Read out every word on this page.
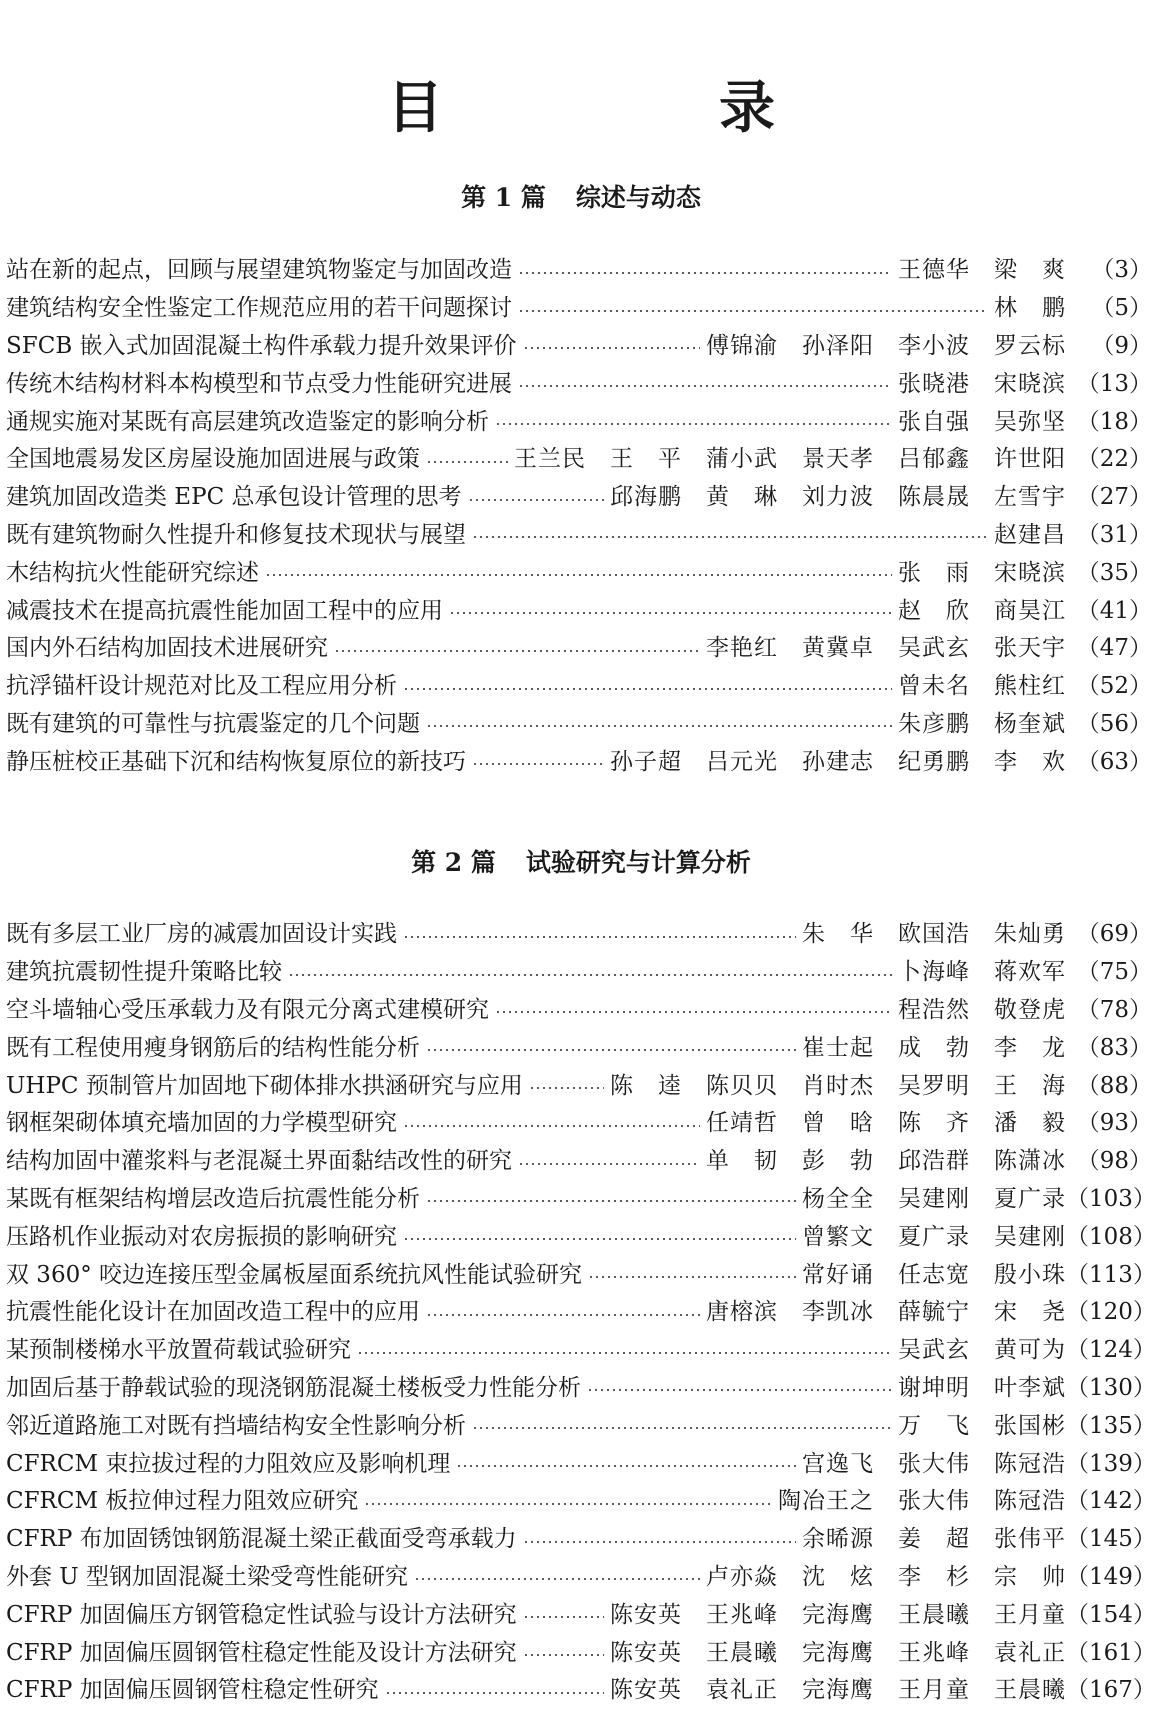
目　录
第 1 篇 综述与动态
站在新的起点，回顾与展望建筑物鉴定与加固改造	王德华　梁　爽	（3）
建筑结构安全性鉴定工作规范应用的若干问题探讨	林　鹏	（5）
SFCB 嵌入式加固混凝土构件承载力提升效果评价	傅锦渝　孙泽阳　李小波　罗云标	（9）
传统木结构材料本构模型和节点受力性能研究进展	张晓港　宋晓滨 （13）
通规实施对某既有高层建筑改造鉴定的影响分析	张自强　吴弥坚 （18）
全国地震易发区房屋设施加固进展与政策	王兰民　王　平　蒲小武　景天孝　吕郁鑫　许世阳 （22）
建筑加固改造类 EPC 总承包设计管理的思考	邱海鹏　黄　琳　刘力波　陈晨晟　左雪宇 （27）
既有建筑物耐久性提升和修复技术现状与展望	赵建昌 （31）
木结构抗火性能研究综述	张　雨　宋晓滨 （35）
减震技术在提高抗震性能加固工程中的应用	赵　欣　商昊江 （41）
国内外石结构加固技术进展研究	李艳红　黄冀卓　吴武玄　张天宇 （47）
抗浮锚杆设计规范对比及工程应用分析	曾未名　熊柱红 （52）
既有建筑的可靠性与抗震鉴定的几个问题	朱彦鹏　杨奎斌 （56）
静压桩校正基础下沉和结构恢复原位的新技巧	孙子超　吕元光　孙建志　纪勇鹏　李　欢 （63）
第 2 篇 试验研究与计算分析
既有多层工业厂房的减震加固设计实践	朱　华　欧国浩　朱灿勇 （69）
建筑抗震韧性提升策略比较	卜海峰　蒋欢军 （75）
空斗墙轴心受压承载力及有限元分离式建模研究	程浩然　敬登虎 （78）
既有工程使用瘦身钢筋后的结构性能分析	崔士起　成　勃　李　龙 （83）
UHPC 预制管片加固地下砌体排水拱涵研究与应用	陈　逵　陈贝贝　肖时杰　吴罗明　王　海 （88）
钢框架砌体填充墙加固的力学模型研究	任靖哲　曾　晗　陈　齐　潘　毅 （93）
结构加固中灌浆料与老混凝土界面黏结改性的研究	单　韧　彭　勃　邱浩群　陈潇冰 （98）
某既有框架结构增层改造后抗震性能分析	杨全全　吴建刚　夏广录 （103）
压路机作业振动对农房振损的影响研究	曾繁文　夏广录　吴建刚 （108）
双 360° 咬边连接压型金属板屋面系统抗风性能试验研究	常好诵　任志宽　殷小珠 （113）
抗震性能化设计在加固改造工程中的应用	唐榕滨　李凯冰　薛毓宁　宋　尧 （120）
某预制楼梯水平放置荷载试验研究	吴武玄　黄可为 （124）
加固后基于静载试验的现浇钢筋混凝土楼板受力性能分析	谢坤明　叶李斌 （130）
邻近道路施工对既有挡墙结构安全性影响分析	万　飞　张国彬 （135）
CFRCM 束拉拔过程的力阻效应及影响机理	宫逸飞　张大伟　陈冠浩 （139）
CFRCM 板拉伸过程力阻效应研究	陶冶王之　张大伟　陈冠浩 （142）
CFRP 布加固锈蚀钢筋混凝土梁正截面受弯承载力	余晞源　姜　超　张伟平 （145）
外套 U 型钢加固混凝土梁受弯性能研究	卢亦焱　沈　炫　李　杉　宗　帅 （149）
CFRP 加固偏压方钢管稳定性试验与设计方法研究	陈安英　王兆峰　完海鹰　王晨曦　王月童 （154）
CFRP 加固偏压圆钢管柱稳定性能及设计方法研究	陈安英　王晨曦　完海鹰　王兆峰　袁礼正 （161）
CFRP 加固偏压圆钢管柱稳定性研究	陈安英　袁礼正　完海鹰　王月童　王晨曦 （167）
